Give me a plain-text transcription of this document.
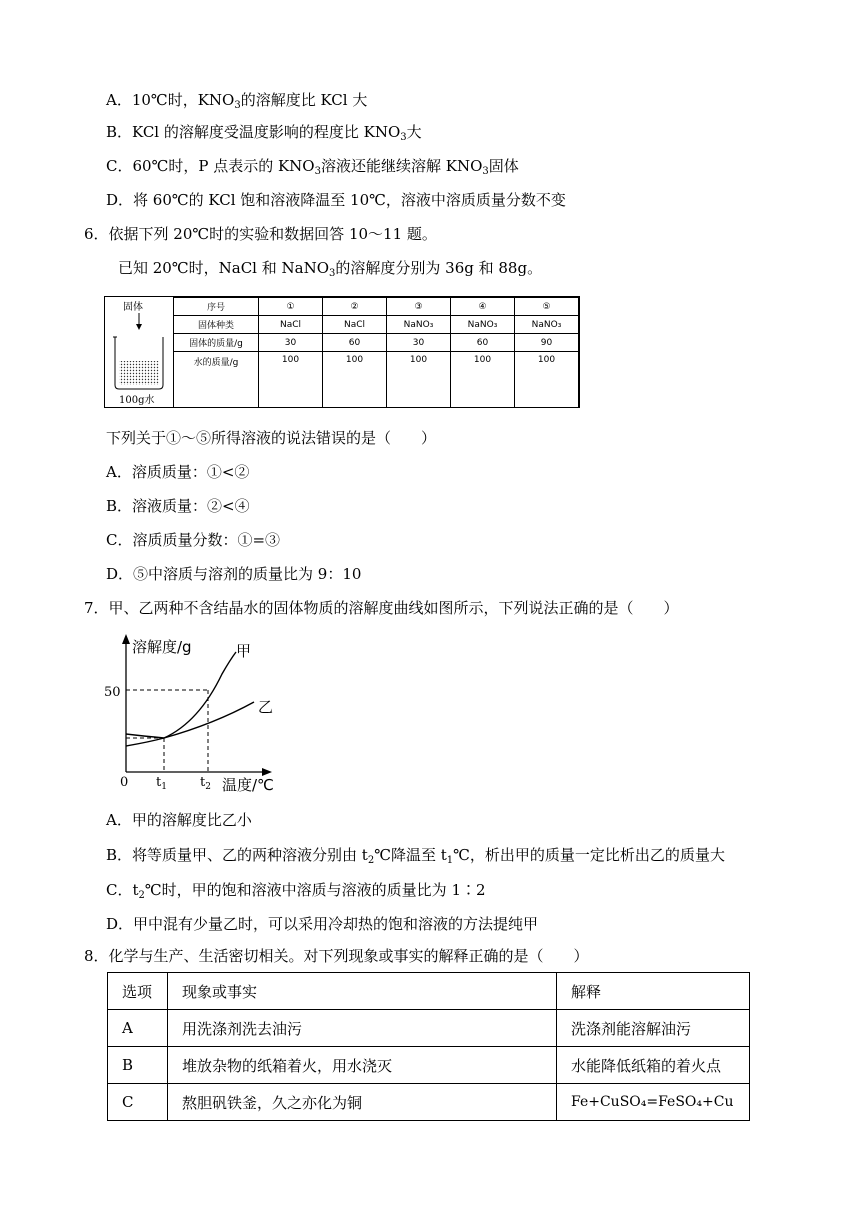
A．10℃时，$KNO_3$的溶解度比 KCl 大
B．KCl 的溶解度受温度影响的程度比 $KNO_3$大
C．60℃时，P 点表示的 $KNO_3$溶液还能继续溶解 $KNO_3$固体
D．将 60℃的 KCl 饱和溶液降温至 10℃，溶液中溶质质量分数不变
6．依据下列 20℃时的实验和数据回答 10～11 题。
已知 20℃时，NaCl 和 NaNO$_3$的溶解度分别为 36g 和 88g。
固体
100g水
序号	①	②	③	④	⑤
固体种类	NaCl	NaCl	NaNO₃	NaNO₃	NaNO₃
固体的质量/g	30	60	30	60	90
水的质量/g	100	100	100	100	100
下列关于①～⑤所得溶液的说法错误的是（　　）
A．溶质质量：①<②
B．溶液质量：②<④
C．溶质质量分数：①=③
D．⑤中溶质与溶剂的质量比为 9：10
7．甲、乙两种不含结晶水的固体物质的溶解度曲线如图所示，下列说法正确的是（　　）
溶解度/g	甲
乙
50
0 $t_1$	$t_2$ 温度/℃
A．甲的溶解度比乙小
B．将等质量甲、乙的两种溶液分别由 $t_2℃$降温至 $t_1℃$，析出甲的质量一定比析出乙的质量大
C．$t_2℃$时，甲的饱和溶液中溶质与溶液的质量比为 1∶2
D．甲中混有少量乙时，可以采用冷却热的饱和溶液的方法提纯甲
8．化学与生产、生活密切相关。对下列现象或事实的解释正确的是（　　）
选项	现象或事实	解释
A	用洗涤剂洗去油污	洗涤剂能溶解油污
B	堆放杂物的纸箱着火，用水浇灭	水能降低纸箱的着火点
C	熬胆矾铁釜，久之亦化为铜	Fe+CuSO₄=FeSO₄+Cu
